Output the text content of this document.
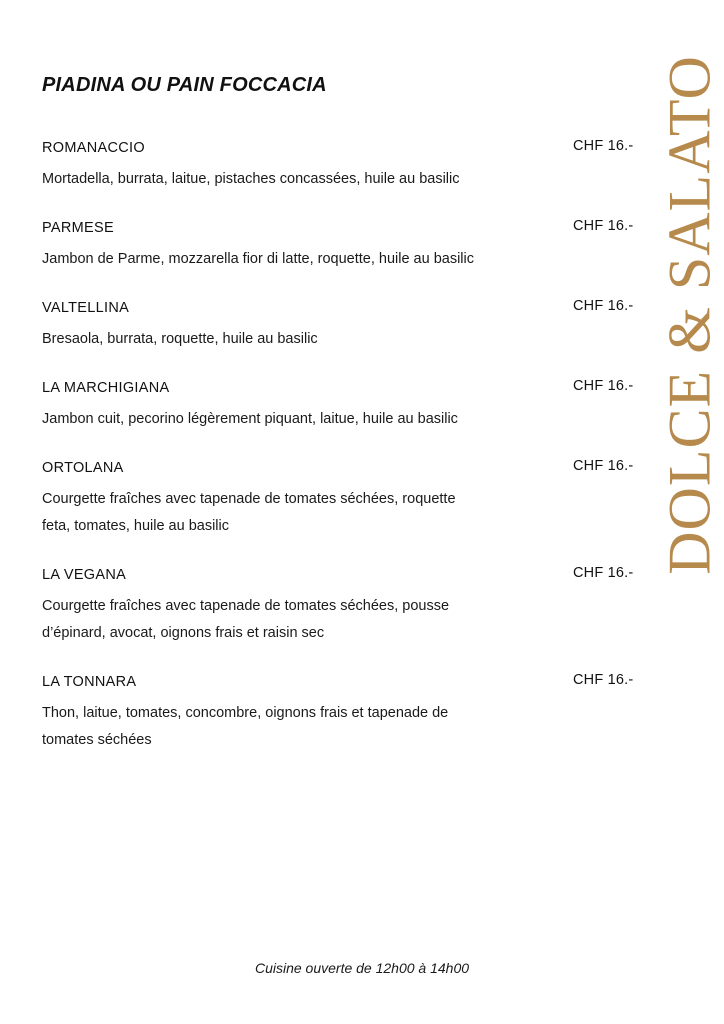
PIADINA OU PAIN FOCCACIA
ROMANACCIO	CHF 16.-
Mortadella, burrata, laitue, pistaches concassées, huile au basilic
PARMESE	CHF 16.-
Jambon de Parme, mozzarella fior di latte, roquette, huile au basilic
VALTELLINA	CHF 16.-
Bresaola, burrata, roquette, huile au basilic
LA MARCHIGIANA	CHF 16.-
Jambon cuit, pecorino légèrement piquant, laitue, huile au basilic
ORTOLANA	CHF 16.-
Courgette fraîches avec tapenade de tomates séchées, roquette
feta, tomates, huile au basilic
LA VEGANA	CHF 16.-
Courgette fraîches avec tapenade de tomates séchées, pousse
d’épinard, avocat, oignons frais et raisin sec
LA TONNARA	CHF 16.-
Thon, laitue, tomates, concombre, oignons frais et tapenade de
tomates séchées
DOLCE & SALATO
Cuisine ouverte de 12h00 à 14h00
